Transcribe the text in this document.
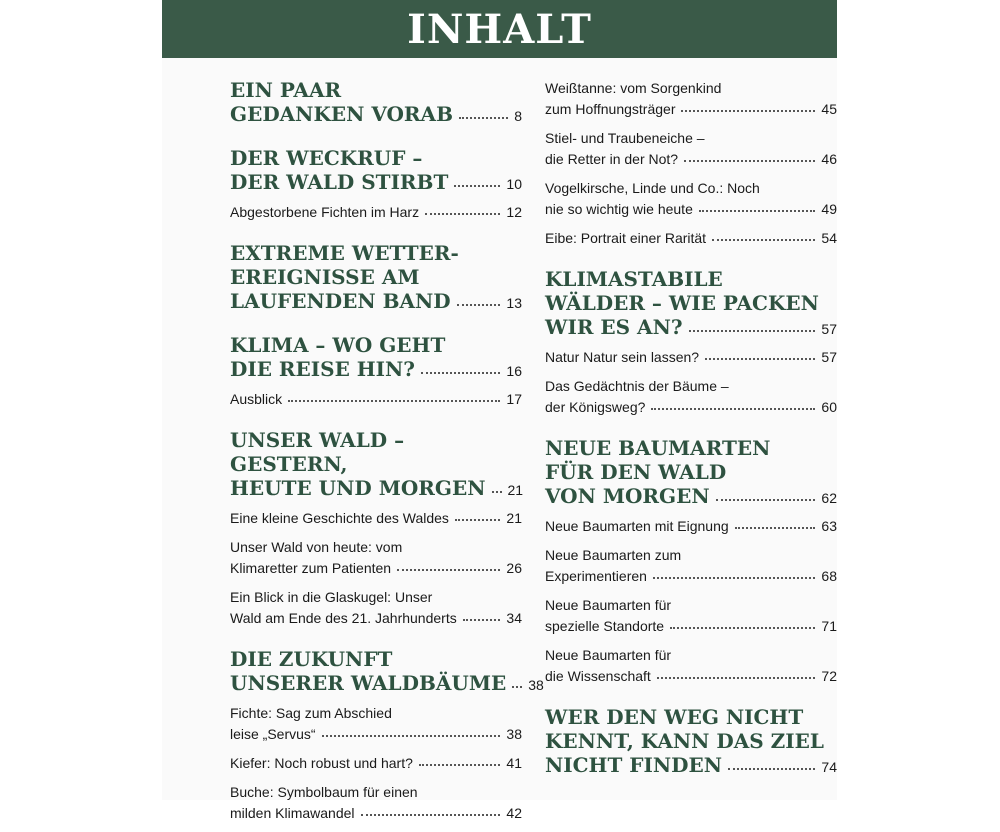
INHALT
EIN PAAR
GEDANKEN VORAB	8
DER WECKRUF –
DER WALD STIRBT	10
Abgestorbene Fichten im Harz	12
EXTREME WETTER-
EREIGNISSE AM
LAUFENDEN BAND	13
KLIMA – WO GEHT
DIE REISE HIN?	16
Ausblick	17
UNSER WALD – GESTERN,
HEUTE UND MORGEN 21
Eine kleine Geschichte des Waldes	21
Unser Wald von heute: vom
Klimaretter zum Patienten	26
Ein Blick in die Glaskugel: Unser
Wald am Ende des 21. Jahrhunderts	34
DIE ZUKUNFT
UNSERER WALDBÄUME 38
Fichte: Sag zum Abschied
leise „Servus“	38
Kiefer: Noch robust und hart?	41
Buche: Symbolbaum für einen
milden Klimawandel	42
Weißtanne: vom Sorgenkind
zum Hoffnungsträger	45
Stiel- und Traubeneiche –
die Retter in der Not?	46
Vogelkirsche, Linde und Co.: Noch
nie so wichtig wie heute	49
Eibe: Portrait einer Rarität	54
KLIMASTABILE
WÄLDER – WIE PACKEN
WIR ES AN?	57
Natur Natur sein lassen?	57
Das Gedächtnis der Bäume –
der Königsweg?	60
NEUE BAUMARTEN
FÜR DEN WALD
VON MORGEN	62
Neue Baumarten mit Eignung	63
Neue Baumarten zum
Experimentieren	68
Neue Baumarten für
spezielle Standorte	71
Neue Baumarten für
die Wissenschaft	72
WER DEN WEG NICHT
KENNT, KANN DAS ZIEL
NICHT FINDEN	74
